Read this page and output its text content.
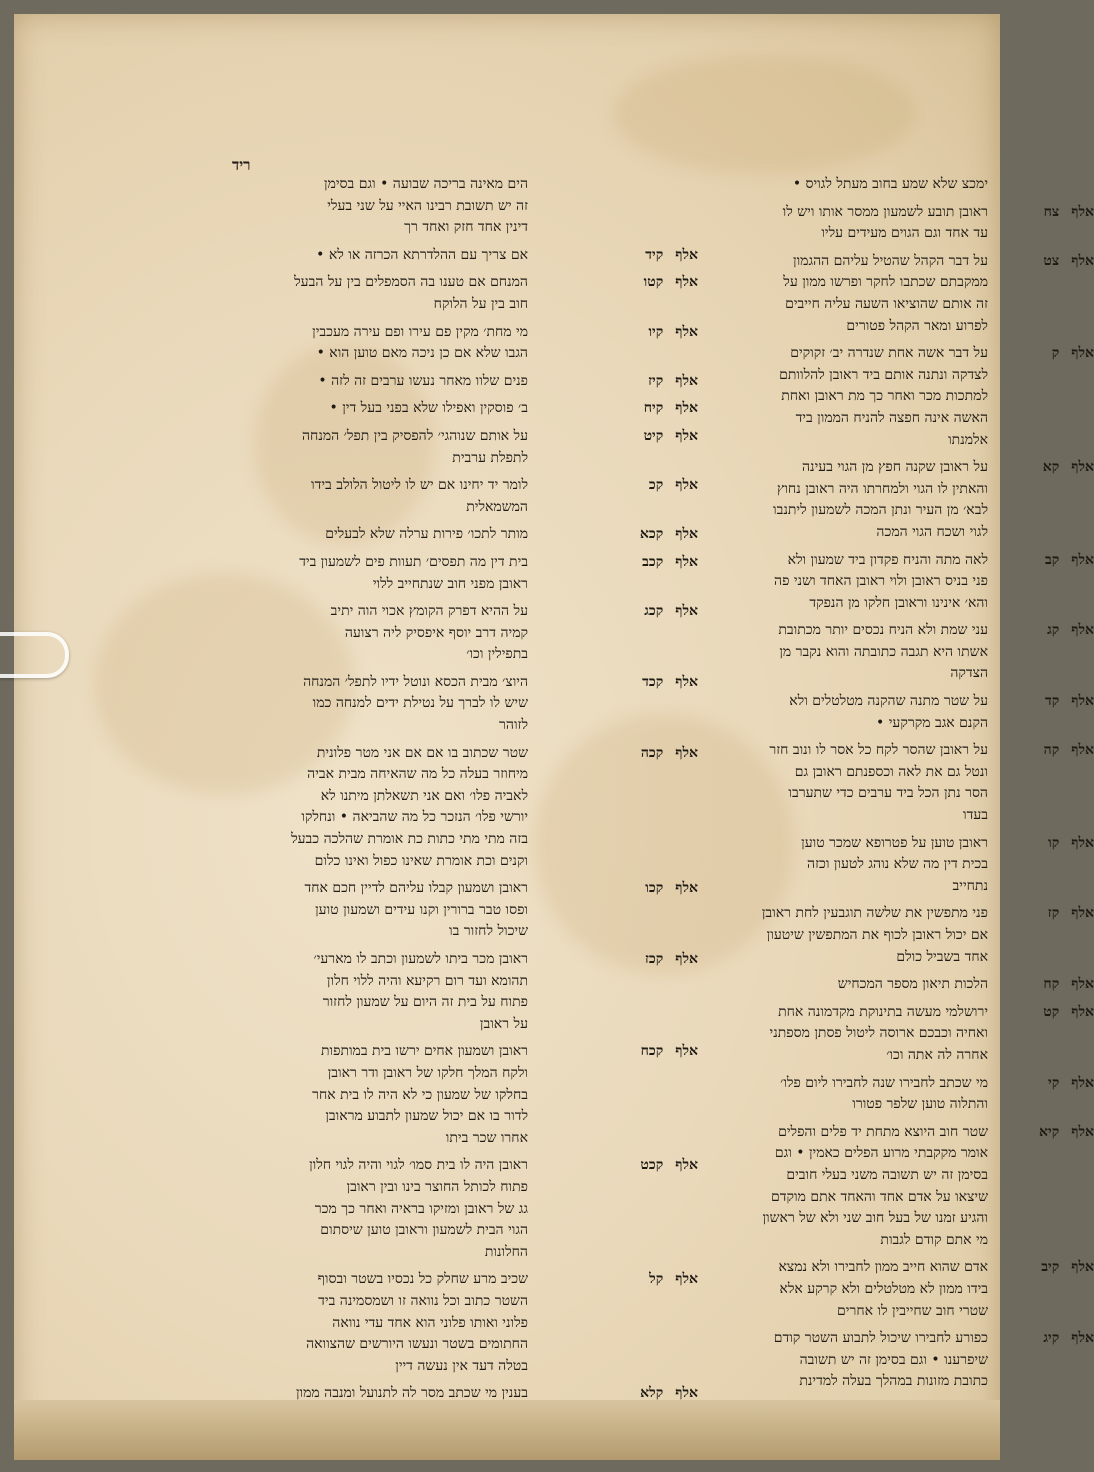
ריד
ימכצ שלא שמע בחוב מעתל לגויס •
אלףצח
ראובן תובע לשמעון ממסר אותו ויש לו
עד אחד וגם הגוים מעידים עליו
אלףצט
על דבר הקהל שהטיל עליהם ההגמון
ממקבתם שכתבו לחקר ופרשו ממון על
זה אותם שהוציאו השעה עליה חייבים
לפרוע ומאר הקהל פטורים
אלףק
על דבר אשה אחת שנדרה יב׳ זקוקים
לצדקה ונתנה אותם ביד ראובן להלוותם
למתכות מכר ואחר כך מת ראובן ואחת
האשה אינה חפצה להניח הממון ביד
אלמנתו
אלףקא
על ראובן שקנה חפץ מן הגוי בעינה
והאתין לו הגוי ולמחרתו היה ראובן נחוץ
לבא׳ מן העיר ונתן המכה לשמעון ליתנבו
לגוי ושכח הגוי המכה
אלףקב
לאה מתה והניח פקדון ביד שמעון ולא
פני בניס ראובן ולוי ראובן האחד ושני פה
והא׳ אינינו וראובן חלקו מן הנפקד
אלףקג
עני שמת ולא הניח נכסים יותר מכתובת
אשתו היא תגבה כתובתה והוא נקבר מן
הצדקה
אלףקד
על שטר מתנה שהקנה מטלטלים ולא
הקנם אגב מקרקעי •
אלףקה
על ראובן שהסר לקח כל אסר לו ונוב חזר
ונטל גם את לאה וכספנתם ראובן גם
הסר נתן הכל ביד ערבים כדי שתערבו
בעדו
אלףקו
ראובן טוען על פטרופא שמכר טוען
בכית דין מה שלא נוהג לטעון וכזה
נתחייב
אלףקז
פני מתפשין את שלשה תוגבעין לחת ראובן
אם יכול ראובן לכוף את המתפשין שיטעון
אחד בשביל כולם
אלףקח
הלכות תיאון מספר המכחיש
אלףקט
ירושלמי מעשה בתינוקת מקדמונה אחת
ואחיה וכבכם ארוסה ליטול פסתן מספתני
אחרה לה אתה וכו׳
אלףקי
מי שכתב לחבירו שנה לחבירו ליום פלו׳
והתלוה טוען שלפר פטורו
אלףקיא
שטר חוב היוצא מתחת יד פלים והפלים
אומר מקקבתי מרוע הפלים כאמין • וגם
בסימן זה יש תשובה משני בעלי חובים
שיצאו על אדם אחד והאחד אתם מוקדם
והגיע זמנו של בעל חוב שני ולא של ראשון
מי אתם קודם לגבות
אלףקיב
אדם שהוא חייב ממון לחבירו ולא נמצא
בידו ממון לא מטלטלים ולא קרקע אלא
שטרי חוב שחייבין לו אחרים
אלףקיג
כפורע לחבירו שיכול לתבוע השטר קודם
שיפרענו • וגם בסימן זה יש תשובה
כתובת מזונות במהלך בעלה למדינת
הים מאינה בריכה שבועה • וגם בסימן
זה יש תשובת רבינו האיי על שני בעלי
דינין אחד חזק ואחד רך
אלףקיד
אם צריך עם ההלדרתא הכרזה או לא •
אלףקטו
המנחם אם טענו בה הסמפלים בין על הבעל
חוב בין על הלוקח
אלףקיו
מי מחת׳ מקין פם עירו ופם עירה מעכבין
הגבו שלא אם כן ניכה מאם טוען הוא •
אלףקיז
פנים שלוו מאחר נעשו ערבים זה לזה •
אלףקיח
ב׳ פוסקין ואפילו שלא בפני בעל דין •
אלףקיט
על אותם שנוהגי׳ להפסיק בין תפל׳ המנחה
לתפלת ערבית
אלףקכ
לומר יד יחינו אם יש לו ליטול הלולב בידו
המשמאלית
אלףקכא
מותר לתכו׳ פירות ערלה שלא לבעלים
אלףקכב
בית דין מה תפסים׳ תעוות פים לשמעון ביד
ראובן מפני חוב שנתחייב ללוי
אלףקכג
על ההיא דפרק הקומץ אכוי הוה יתיב
קמיה דרב יוסף איפסיק ליה רצועה
בתפילין וכו׳
אלףקכד
היוצ׳ מבית הכסא ונוטל ידיו לתפל׳ המנחה
שיש לו לברך על נטילת ידים למנחה כמו
לזוהר
אלףקכה
שטר שכתוב בו אם אם אני מטר פלונית
מיחוזר בעלה כל מה שהאיחה מבית אביה
לאביה פלו׳ ואם אני תשאלתן מיתנו לא
יורשי פלו׳ הנזכר כל מה שהביאה • ונחלקו
בזה מתי מתי כתות כת אומרת שהלכה כבעל
וקנים וכת אומרת שאינו כפול ואינו כלום
אלףקכו
ראובן ושמעון קבלו עליהם לדיין חכם אחד
ופסו טבר ברורין וקנו עידים ושמעון טוען
שיכול לחזור בו
אלףקכז
ראובן מכר ביתו לשמעון וכתב לו מארעי׳
תהומא ועד רום רקיעא והיה ללוי חלון
פתוח על בית זה היום על שמעון לחזור
על ראובן
אלףקכח
ראובן ושמעון אחים ירשו בית במותפות
ולקח המלך חלקו של ראובן ודר ראובן
בחלקו של שמעון כי לא היה לו בית אחר
לדור בו אם יכול שמעון לתבוע מראובן
אחרו שכר ביתו
אלףקכט
ראובן היה לו בית סמו׳ לגוי והיה לגוי חלון
פתוח לכותל החוצר בינו ובין ראובן
גג של ראובן ומזיקו בראיה ואחר כך מכר
הגוי הבית לשמעון וראובן טוען שיסתום
החלונות
אלףקל
שכיב מרע שחלק כל נכסיו בשטר ובסוף
השטר כתוב וכל נוואה זו ושמסמינה ביד
פלוני ואותו פלוני הוא אחד עדי נוואה
החתומים בשטר ונעשו היורשים שהצוואה
בטלה דעד אין נעשה דיין
אלףקלא
בענין מי שכתב מסר לה לתנועל ומנבה ממון
